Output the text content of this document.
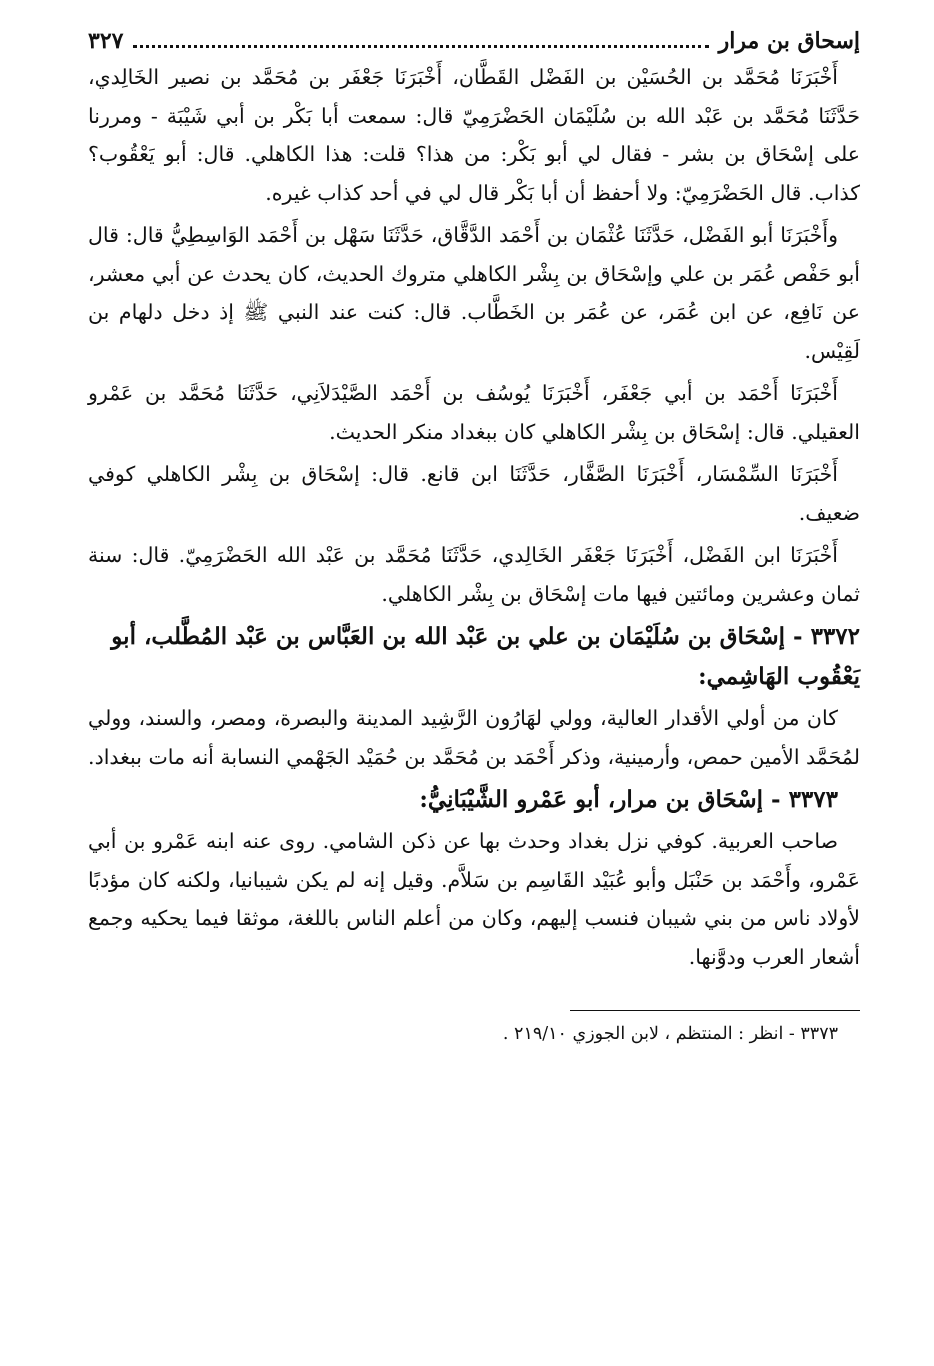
إسحاق بن مرار
٣٢٧

أَخْبَرَنَا مُحَمَّد بن الحُسَيْن بن الفَضْل القَطَّان، أَخْبَرَنَا جَعْفَر بن مُحَمَّد بن نصير الخَالِدي، حَدَّثَنَا مُحَمَّد بن عَبْد الله بن سُلَيْمَان الحَضْرَمِيّ قال: سمعت أبا بَكْر بن أبي شَيْبَة - ومررنا على إسْحَاق بن بشر - فقال لي أبو بَكْر: من هذا؟ قلت: هذا الكاهلي. قال: أبو يَعْقُوب؟ كذاب. قال الحَضْرَمِيّ: ولا أحفظ أن أبا بَكْر قال لي في أحد كذاب غيره.

وأَخْبَرَنَا أبو الفَضْل، حَدَّثَنَا عُثْمَان بن أَحْمَد الدَّقَّاق، حَدَّثَنَا سَهْل بن أَحْمَد الوَاسِطِيُّ قال: قال أبو حَفْص عُمَر بن علي وإسْحَاق بن بِشْر الكاهلي متروك الحديث، كان يحدث عن أبي معشر، عن نَافِع، عن ابن عُمَر، عن عُمَر بن الخَطَّاب. قال: كنت عند النبي ﷺ إذ دخل دلهام بن لَقِيْس.

أَخْبَرَنَا أَحْمَد بن أبي جَعْفَر، أَخْبَرَنَا يُوسُف بن أَحْمَد الصَّيْدَلاَنِي، حَدَّثَنَا مُحَمَّد بن عَمْرو العقيلي. قال: إسْحَاق بن بِشْر الكاهلي كان ببغداد منكر الحديث.

أَخْبَرَنَا السِّمْسَار، أَخْبَرَنَا الصَّفَّار، حَدَّثَنَا ابن قانع. قال: إسْحَاق بن بِشْر الكاهلي كوفي ضعيف.

أَخْبَرَنَا ابن الفَضْل، أَخْبَرَنَا جَعْفَر الخَالِدي، حَدَّثَنَا مُحَمَّد بن عَبْد الله الحَضْرَمِيّ. قال: سنة ثمان وعشرين ومائتين فيها مات إسْحَاق بن بِشْر الكاهلي.

٣٣٧٢ - إسْحَاق بن سُلَيْمَان بن علي بن عَبْد الله بن العَبَّاس بن عَبْد المُطَّلب، أبو يَعْقُوب الهَاشِمي:

كان من أولي الأقدار العالية، وولي لهَارُون الرَّشِيد المدينة والبصرة، ومصر، والسند، وولي لمُحَمَّد الأمين حمص، وأرمينية، وذكر أَحْمَد بن مُحَمَّد بن حُمَيْد الجَهْمي النسابة أنه مات ببغداد.

٣٣٧٣ - إسْحَاق بن مرار، أبو عَمْرو الشَّيْبَانِيُّ:

صاحب العربية. كوفي نزل بغداد وحدث بها عن ذكن الشامي. روى عنه ابنه عَمْرو بن أبي عَمْرو، وأَحْمَد بن حَنْبَل وأبو عُبَيْد القَاسِم بن سَلاَّم. وقيل إنه لم يكن شيبانيا، ولكنه كان مؤدبًا لأولاد ناس من بني شيبان فنسب إليهم، وكان من أعلم الناس باللغة، موثقا فيما يحكيه وجمع أشعار العرب ودوَّنها.

٣٣٧٣ - انظر : المنتظم ، لابن الجوزي ٢١٩/١٠ .
